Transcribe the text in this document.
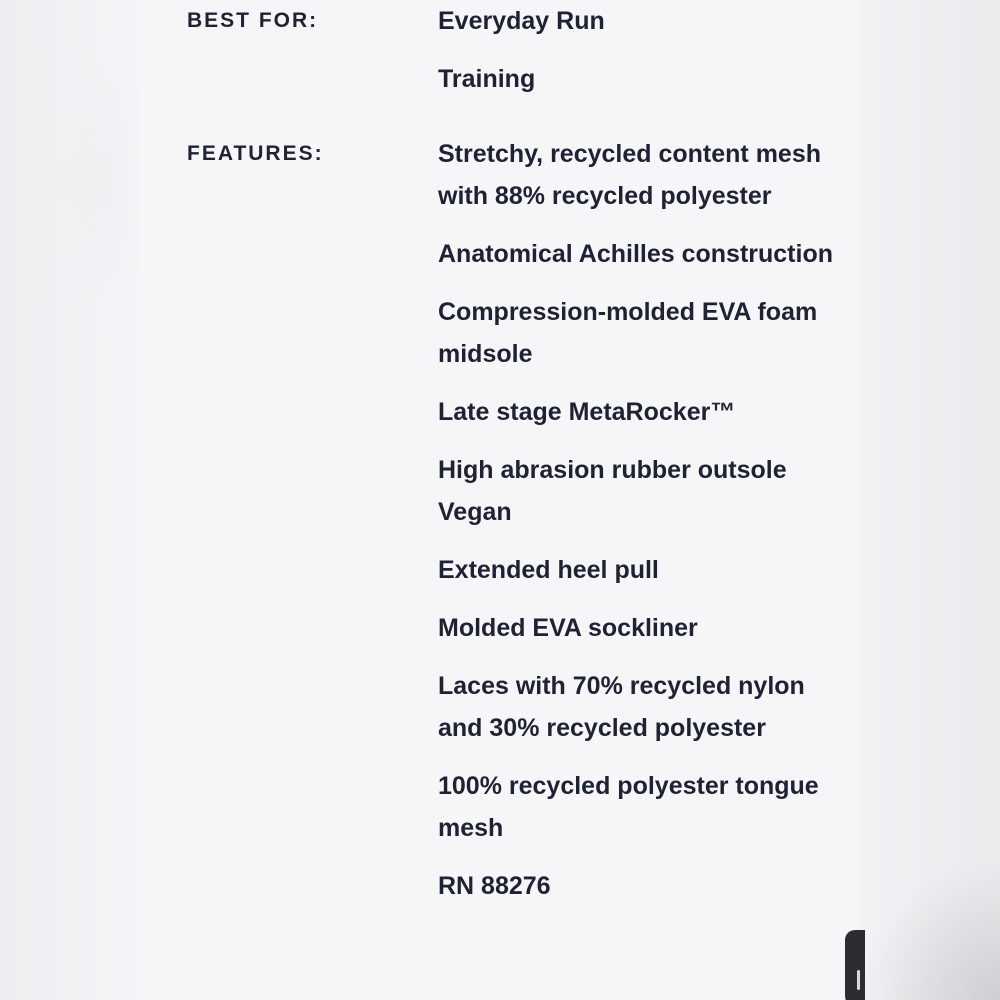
BEST FOR:	Everyday Run
Training
FEATURES:	Stretchy, recycled content mesh with 88% recycled polyester
Anatomical Achilles construction
Compression-molded EVA foam midsole
Late stage MetaRocker™
High abrasion rubber outsole Vegan
Extended heel pull
Molded EVA sockliner
Laces with 70% recycled nylon and 30% recycled polyester
100% recycled polyester tongue mesh
RN 88276
